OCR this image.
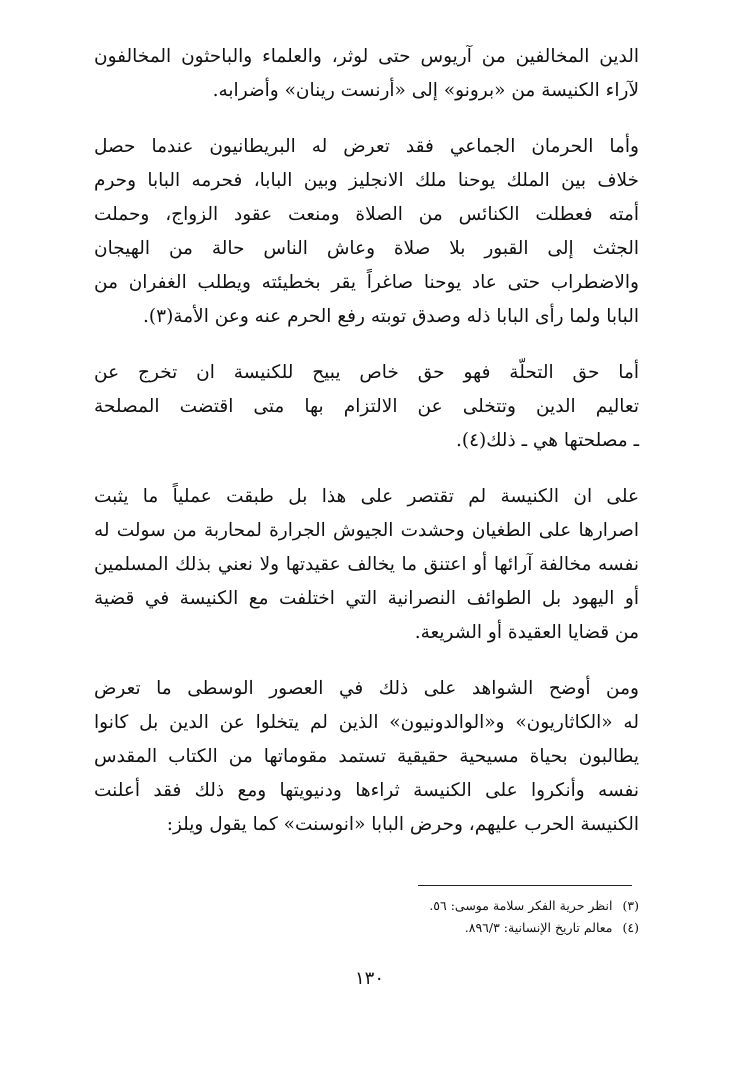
الدين المخالفين من آريوس حتى لوثر، والعلماء والباحثون المخالفون
لآراء الكنيسة من «برونو» إلى «أرنست رينان» وأضرابه.
وأما الحرمان الجماعي فقد تعرض له البريطانيون عندما حصل
خلاف بين الملك يوحنا ملك الانجليز وبين البابا، فحرمه البابا وحرم
أمته فعطلت الكنائس من الصلاة ومنعت عقود الزواج، وحملت
الجثث إلى القبور بلا صلاة وعاش الناس حالة من الهيجان
والاضطراب حتى عاد يوحنا صاغراً يقر بخطيئته ويطلب الغفران من
البابا ولما رأى البابا ذله وصدق توبته رفع الحرم عنه وعن الأمة(٣).
أما حق التحلّة فهو حق خاص يبيح للكنيسة ان تخرج عن
تعاليم الدين وتتخلى عن الالتزام بها متى اقتضت المصلحة
ـ مصلحتها هي ـ ذلك(٤).
على ان الكنيسة لم تقتصر على هذا بل طبقت عملياً ما يثبت
اصرارها على الطغيان وحشدت الجيوش الجرارة لمحاربة من سولت له
نفسه مخالفة آرائها أو اعتنق ما يخالف عقيدتها ولا نعني بذلك المسلمين
أو اليهود بل الطوائف النصرانية التي اختلفت مع الكنيسة في قضية
من قضايا العقيدة أو الشريعة.
ومن أوضح الشواهد على ذلك في العصور الوسطى ما تعرض
له «الكاثاريون» و«الوالدونيون» الذين لم يتخلوا عن الدين بل كانوا
يطالبون بحياة مسيحية حقيقية تستمد مقوماتها من الكتاب المقدس
نفسه وأنكروا على الكنيسة ثراءها ودنيويتها ومع ذلك فقد أعلنت
الكنيسة الحرب عليهم، وحرض البابا «انوسنت» كما يقول ويلز:
(٣)انظر حرية الفكر سلامة موسى: ٥٦.
(٤)معالم تاريخ الإنسانية: ٨٩٦/٣.
١٣٠
